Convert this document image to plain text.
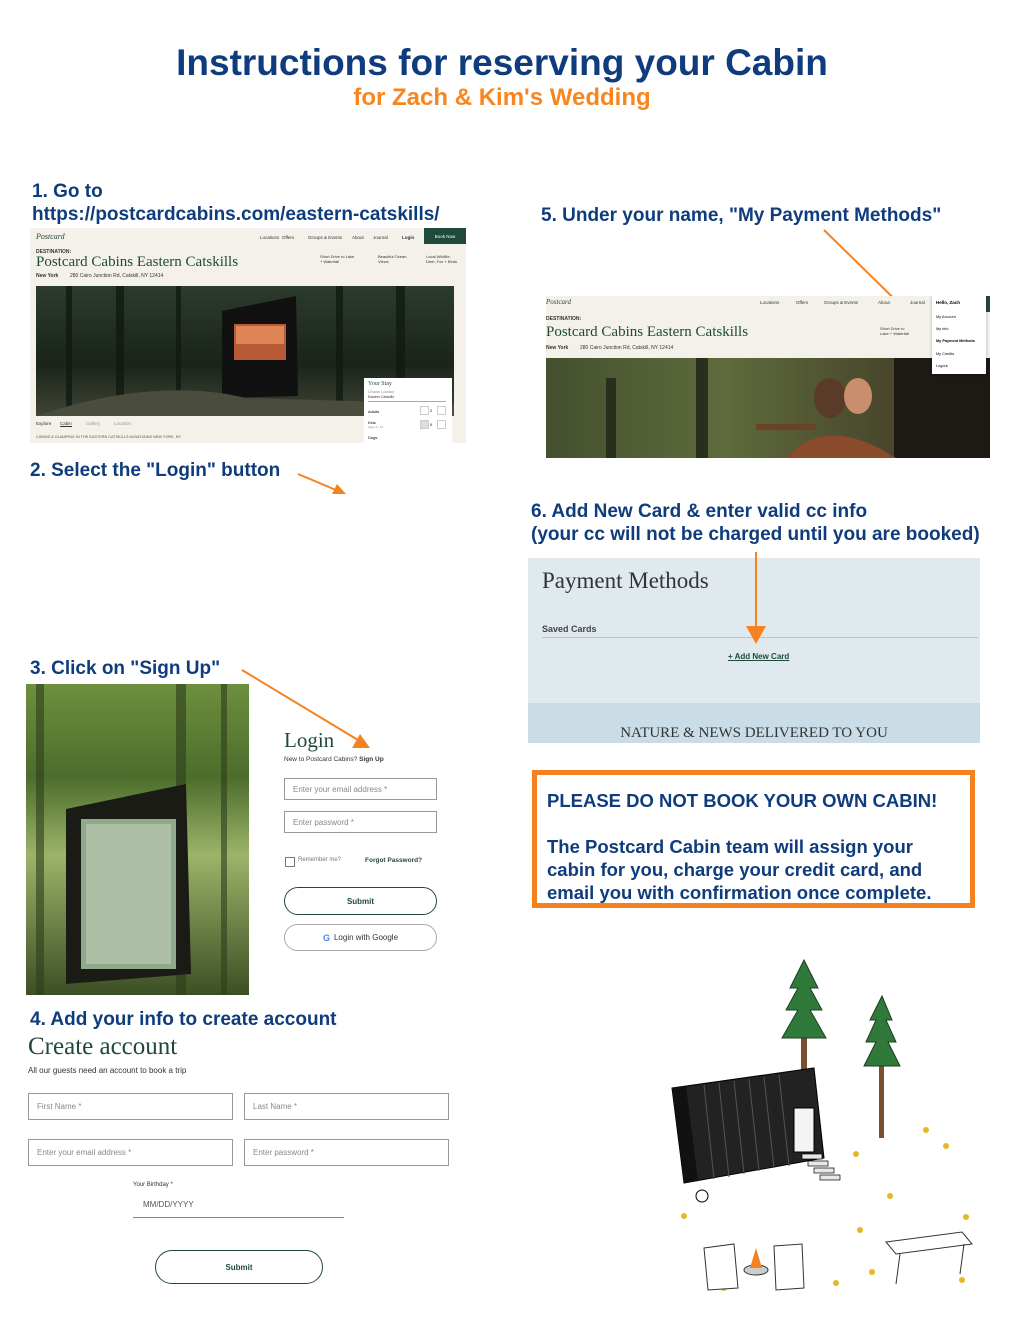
Instructions for reserving your Cabin
for Zach & Kim's Wedding
1. Go to
https://postcardcabins.com/eastern-catskills/
Postcard	Locations Offers	Groups & Events About Journal	Login	Book Now
DESTINATION:
Postcard Cabins Eastern Catskills
New York 280 Cairo Junction Rd, Catskill, NY 12414
Short Drive to Lake + Waterfall
Beautiful Ocean Views
Local Wildlife, Deer, Fox + Birds
Your Stay
Choose Location
Eastern Catskills
Adults	2
Kids
Ages 4 - 16	0
Dogs
Explore Cabin	Gallery	Location
CABINS & GLAMPING IN THE EASTERN CATSKILLS MOUNTAINS NEW YORK, NY
2. Select the "Login" button
3. Click on "Sign Up"
Login
New to Postcard Cabins? Sign Up
Enter your email address *
Enter password *
Remember me?	Forgot Password?
Submit
G Login with Google
4. Add your info to create account
Create account
All our guests need an account to book a trip
First Name *	Last Name *
Enter your email address *	Enter password *
Your Birthday *
MM/DD/YYYY
Submit
5. Under your name, "My Payment Methods"
Postcard	Locations	Offers	Groups & Events	About	Journal
DESTINATION:
Postcard Cabins Eastern Catskills
New York 280 Cairo Junction Rd, Catskill, NY 12414
Short Drive to Lake + Waterfall
Hello, Zach
My Account
My Info
My Payment Methods
My Credits
Logout
6. Add New Card & enter valid cc info
(your cc will not be charged until you are booked)
Payment Methods
Saved Cards
+ Add New Card
NATURE & NEWS DELIVERED TO YOU
PLEASE DO NOT BOOK YOUR OWN CABIN!
The Postcard Cabin team will assign your cabin for you, charge your credit card, and email you with confirmation once complete.
